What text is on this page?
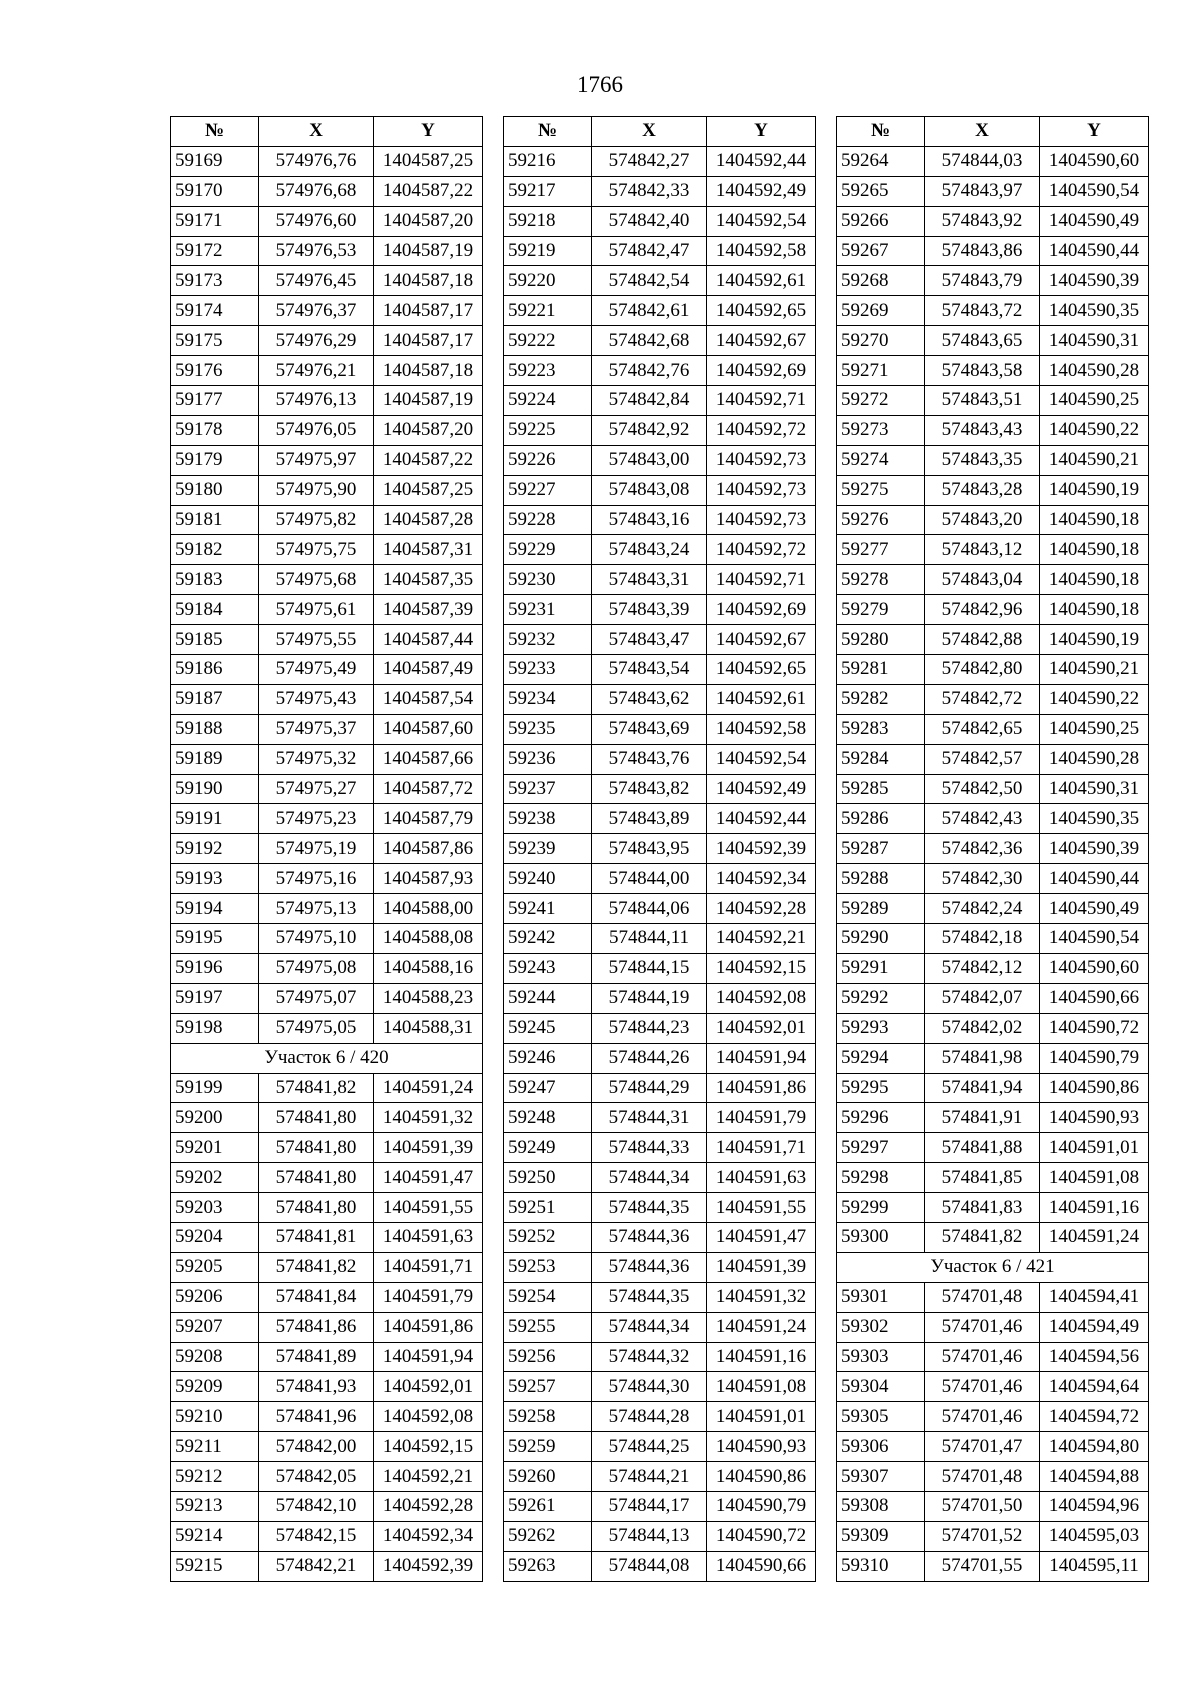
1766
№	X	Y
59169	574976,76	1404587,25
59170	574976,68	1404587,22
59171	574976,60	1404587,20
59172	574976,53	1404587,19
59173	574976,45	1404587,18
59174	574976,37	1404587,17
59175	574976,29	1404587,17
59176	574976,21	1404587,18
59177	574976,13	1404587,19
59178	574976,05	1404587,20
59179	574975,97	1404587,22
59180	574975,90	1404587,25
59181	574975,82	1404587,28
59182	574975,75	1404587,31
59183	574975,68	1404587,35
59184	574975,61	1404587,39
59185	574975,55	1404587,44
59186	574975,49	1404587,49
59187	574975,43	1404587,54
59188	574975,37	1404587,60
59189	574975,32	1404587,66
59190	574975,27	1404587,72
59191	574975,23	1404587,79
59192	574975,19	1404587,86
59193	574975,16	1404587,93
59194	574975,13	1404588,00
59195	574975,10	1404588,08
59196	574975,08	1404588,16
59197	574975,07	1404588,23
59198	574975,05	1404588,31
Участок 6 / 420		
59199	574841,82	1404591,24
59200	574841,80	1404591,32
59201	574841,80	1404591,39
59202	574841,80	1404591,47
59203	574841,80	1404591,55
59204	574841,81	1404591,63
59205	574841,82	1404591,71
59206	574841,84	1404591,79
59207	574841,86	1404591,86
59208	574841,89	1404591,94
59209	574841,93	1404592,01
59210	574841,96	1404592,08
59211	574842,00	1404592,15
59212	574842,05	1404592,21
59213	574842,10	1404592,28
59214	574842,15	1404592,34
59215	574842,21	1404592,39
№	X	Y
59216	574842,27	1404592,44
59217	574842,33	1404592,49
59218	574842,40	1404592,54
59219	574842,47	1404592,58
59220	574842,54	1404592,61
59221	574842,61	1404592,65
59222	574842,68	1404592,67
59223	574842,76	1404592,69
59224	574842,84	1404592,71
59225	574842,92	1404592,72
59226	574843,00	1404592,73
59227	574843,08	1404592,73
59228	574843,16	1404592,73
59229	574843,24	1404592,72
59230	574843,31	1404592,71
59231	574843,39	1404592,69
59232	574843,47	1404592,67
59233	574843,54	1404592,65
59234	574843,62	1404592,61
59235	574843,69	1404592,58
59236	574843,76	1404592,54
59237	574843,82	1404592,49
59238	574843,89	1404592,44
59239	574843,95	1404592,39
59240	574844,00	1404592,34
59241	574844,06	1404592,28
59242	574844,11	1404592,21
59243	574844,15	1404592,15
59244	574844,19	1404592,08
59245	574844,23	1404592,01
59246	574844,26	1404591,94
59247	574844,29	1404591,86
59248	574844,31	1404591,79
59249	574844,33	1404591,71
59250	574844,34	1404591,63
59251	574844,35	1404591,55
59252	574844,36	1404591,47
59253	574844,36	1404591,39
59254	574844,35	1404591,32
59255	574844,34	1404591,24
59256	574844,32	1404591,16
59257	574844,30	1404591,08
59258	574844,28	1404591,01
59259	574844,25	1404590,93
59260	574844,21	1404590,86
59261	574844,17	1404590,79
59262	574844,13	1404590,72
59263	574844,08	1404590,66
№	X	Y
59264	574844,03	1404590,60
59265	574843,97	1404590,54
59266	574843,92	1404590,49
59267	574843,86	1404590,44
59268	574843,79	1404590,39
59269	574843,72	1404590,35
59270	574843,65	1404590,31
59271	574843,58	1404590,28
59272	574843,51	1404590,25
59273	574843,43	1404590,22
59274	574843,35	1404590,21
59275	574843,28	1404590,19
59276	574843,20	1404590,18
59277	574843,12	1404590,18
59278	574843,04	1404590,18
59279	574842,96	1404590,18
59280	574842,88	1404590,19
59281	574842,80	1404590,21
59282	574842,72	1404590,22
59283	574842,65	1404590,25
59284	574842,57	1404590,28
59285	574842,50	1404590,31
59286	574842,43	1404590,35
59287	574842,36	1404590,39
59288	574842,30	1404590,44
59289	574842,24	1404590,49
59290	574842,18	1404590,54
59291	574842,12	1404590,60
59292	574842,07	1404590,66
59293	574842,02	1404590,72
59294	574841,98	1404590,79
59295	574841,94	1404590,86
59296	574841,91	1404590,93
59297	574841,88	1404591,01
59298	574841,85	1404591,08
59299	574841,83	1404591,16
59300	574841,82	1404591,24
Участок 6 / 421		
59301	574701,48	1404594,41
59302	574701,46	1404594,49
59303	574701,46	1404594,56
59304	574701,46	1404594,64
59305	574701,46	1404594,72
59306	574701,47	1404594,80
59307	574701,48	1404594,88
59308	574701,50	1404594,96
59309	574701,52	1404595,03
59310	574701,55	1404595,11
